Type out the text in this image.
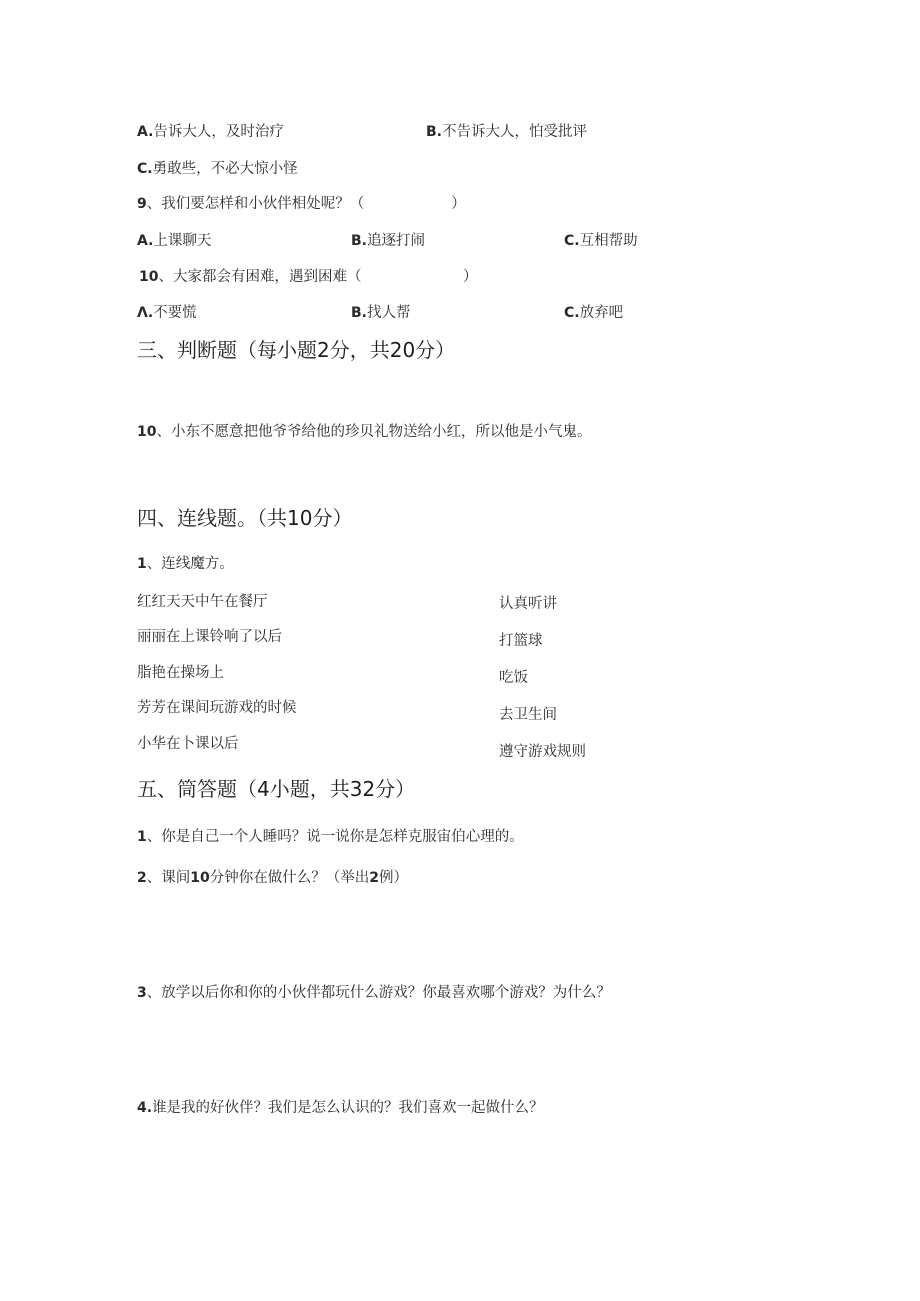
A.告诉大人，及时治疗	B.不告诉大人，怕受批评
C.勇敢些，不必大惊小怪
9、我们要怎样和小伙伴相处呢？（　　　　　　）
A.上课聊天	B.追逐打闹	C.互相帮助
10、大家都会有困难，遇到困难（　　　　　　　）
Λ.不要慌	B.找人帮	C.放弃吧
三、判断题（每小题2分，共20分）
10、小东不愿意把他爷爷给他的珍贝礼物送给小红，所以他是小气鬼。
四、连线题。（共10分）
1、连线魔方。
红红天天中午在餐厅
丽丽在上课铃响了以后
脂艳在操场上
芳芳在课间玩游戏的时候
小华在卜课以后
认真听讲
打篮球
吃饭
去卫生间
遵守游戏规则
五、筒答题（4小题，共32分）
1、你是自己一个人睡吗？说一说你是怎样克服宙伯心理的。
2、课间10分钟你在做什么？（举出2例）
3、放学以后你和你的小伙伴都玩什么游戏？你最喜欢哪个游戏？为什么？
4.谁是我的好伙伴？我们是怎么认识的？我们喜欢一起做什么？
